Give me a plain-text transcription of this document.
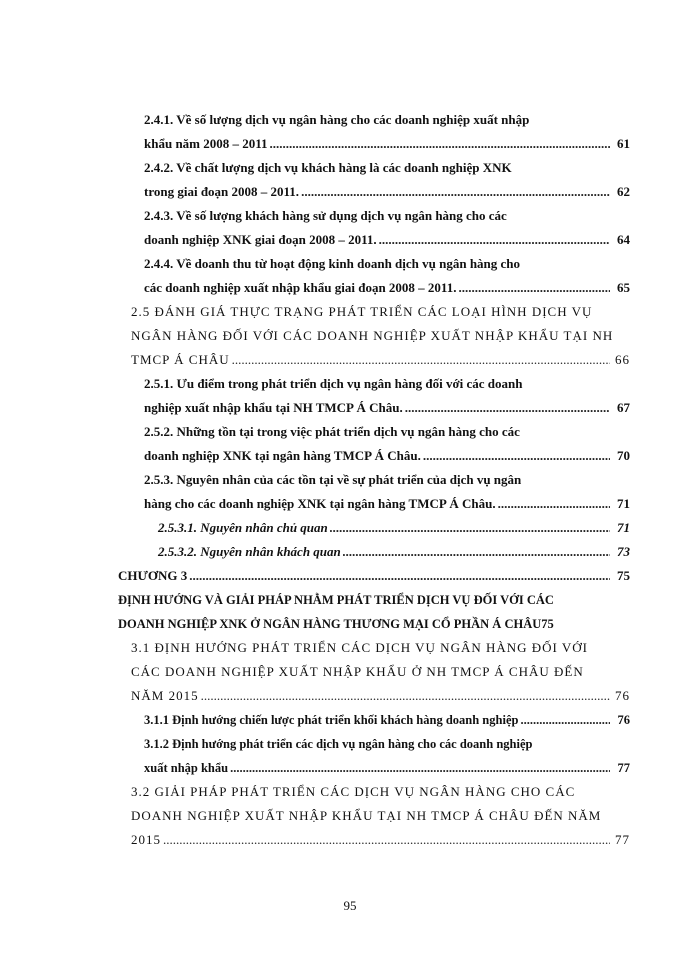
2.4.1. Về số lượng dịch vụ ngân hàng cho các doanh nghiệp xuất nhập
khẩu năm 2008 – 2011 .....	61
2.4.2. Về chất lượng dịch vụ khách hàng là các doanh nghiệp XNK
trong giai đoạn 2008 – 2011. .....	62
2.4.3. Về số lượng khách hàng sử dụng dịch vụ ngân hàng cho các
doanh nghiệp XNK giai đoạn 2008 – 2011. .....	64
2.4.4. Về doanh thu từ hoạt động kinh doanh dịch vụ ngân hàng cho
các doanh nghiệp xuất nhập khẩu giai đoạn 2008 – 2011. .....	65
2.5 ĐÁNH GIÁ THỰC TRẠNG PHÁT TRIỂN CÁC LOẠI HÌNH DỊCH VỤ
NGÂN HÀNG ĐỐI VỚI CÁC DOANH NGHIỆP XUẤT NHẬP KHẨU TẠI NH
TMCP Á CHÂU .....	66
2.5.1. Ưu điểm trong phát triển dịch vụ ngân hàng đối với các doanh
nghiệp xuất nhập khẩu tại NH TMCP Á Châu. .....	67
2.5.2. Những tồn tại trong việc phát triển dịch vụ ngân hàng cho các
doanh nghiệp XNK tại ngân hàng TMCP Á Châu. .....	70
2.5.3. Nguyên nhân của các tồn tại về sự phát triển của dịch vụ ngân
hàng cho các doanh nghiệp XNK tại ngân hàng TMCP Á Châu. .....	71
2.5.3.1. Nguyên nhân chủ quan .....	71
2.5.3.2. Nguyên nhân khách quan .....	73
CHƯƠNG 3 .....	75
ĐỊNH HƯỚNG VÀ GIẢI PHÁP NHẰM PHÁT TRIỂN DỊCH VỤ ĐỐI VỚI CÁC
DOANH NGHIỆP XNK Ở NGÂN HÀNG THƯƠNG MẠI CỔ PHẦN Á CHÂU 75
3.1 ĐỊNH HƯỚNG PHÁT TRIỂN CÁC DỊCH VỤ NGÂN HÀNG ĐỐI VỚI
CÁC DOANH NGHIỆP XUẤT NHẬP KHẨU Ở NH TMCP Á CHÂU ĐẾN
NĂM 2015 .....	76
3.1.1 Định hướng chiến lược phát triển khối khách hàng doanh nghiệp .....	76
3.1.2 Định hướng phát triển các dịch vụ ngân hàng cho các doanh nghiệp
xuất nhập khẩu .....	77
3.2 GIẢI PHÁP PHÁT TRIỂN CÁC DỊCH VỤ NGÂN HÀNG CHO CÁC
DOANH NGHIỆP XUẤT NHẬP KHẨU TẠI NH TMCP Á CHÂU ĐẾN NĂM
2015 .....	77
95
